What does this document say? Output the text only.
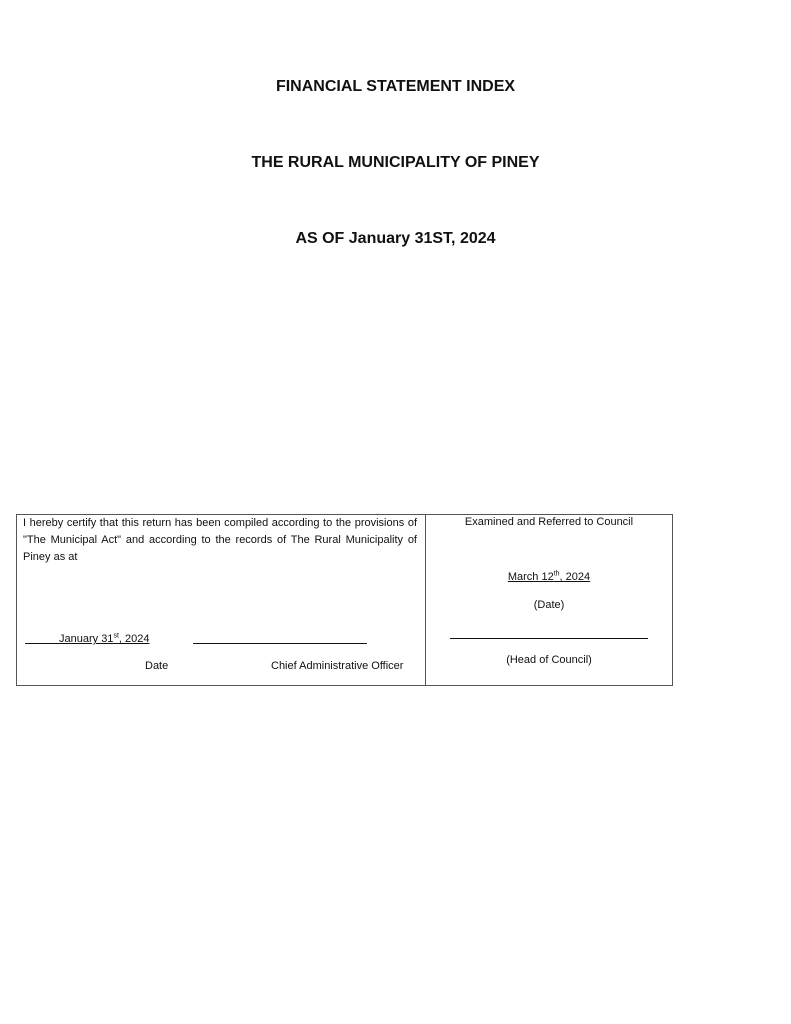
FINANCIAL STATEMENT INDEX
THE RURAL MUNICIPALITY OF PINEY
AS OF January 31ST, 2024
I hereby certify that this return has been compiled according to the provisions of "The Municipal Act" and according to the records of The Rural Municipality of Piney as at
January 31st, 2024
Date	Chief Administrative Officer
Examined and Referred to Council
March 12th, 2024
(Date)
(Head of Council)
